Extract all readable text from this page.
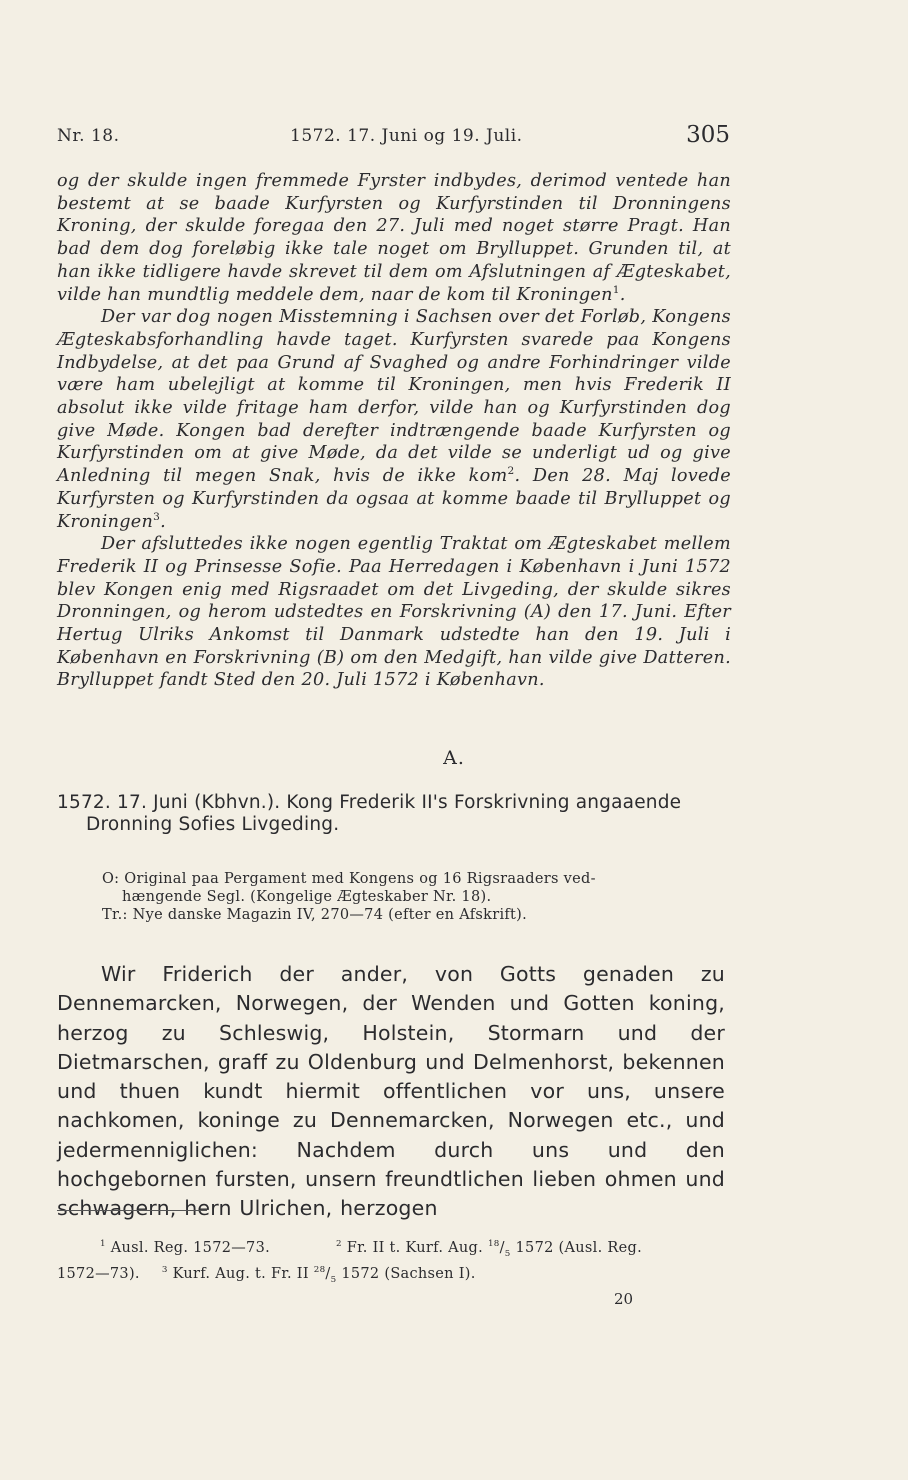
Nr. 18.	1572. 17. Juni og 19. Juli.	305

og der skulde ingen fremmede Fyrster indbydes, derimod ventede han bestemt at se baade Kurfyrsten og Kurfyrstinden til Dronningens Kroning, der skulde foregaa den 27. Juli med noget større Pragt. Han bad dem dog foreløbig ikke tale noget om Brylluppet. Grunden til, at han ikke tidligere havde skrevet til dem om Afslutningen af Ægteskabet, vilde han mundtlig meddele dem, naar de kom til Kroningen$^1$.

Der var dog nogen Misstemning i Sachsen over det Forløb, Kongens Ægteskabsforhandling havde taget. Kurfyrsten svarede paa Kongens Indbydelse, at det paa Grund af Svaghed og andre Forhindringer vilde være ham ubelejligt at komme til Kroningen, men hvis Frederik II absolut ikke vilde fritage ham derfor, vilde han og Kurfyrstinden dog give Møde. Kongen bad derefter indtrængende baade Kurfyrsten og Kurfyrstinden om at give Møde, da det vilde se underligt ud og give Anledning til megen Snak, hvis de ikke kom$^2$. Den 28. Maj lovede Kurfyrsten og Kurfyrstinden da ogsaa at komme baade til Brylluppet og Kroningen$^3$.

Der afsluttedes ikke nogen egentlig Traktat om Ægteskabet mellem Frederik II og Prinsesse Sofie. Paa Herredagen i København i Juni 1572 blev Kongen enig med Rigsraadet om det Livgeding, der skulde sikres Dronningen, og herom udstedtes en Forskrivning (A) den 17. Juni. Efter Hertug Ulriks Ankomst til Danmark udstedte han den 19. Juli i København en Forskrivning (B) om den Medgift, han vilde give Datteren. Brylluppet fandt Sted den 20. Juli 1572 i København.

A.
1572. 17. Juni (Kbhvn.). Kong Frederik II's Forskrivning angaaende
Dronning Sofies Livgeding.
O: Original paa Pergament med Kongens og 16 Rigsraaders ved-
hængende Segl. (Kongelige Ægteskaber Nr. 18).
Tr.: Nye danske Magazin IV, 270—74 (efter en Afskrift).

Wir Friderich der ander, von Gotts genaden zu Dennemarcken, Norwegen, der Wenden und Gotten koning, herzog zu Schleswig, Holstein, Stormarn und der Dietmarschen, graff zu Oldenburg und Delmenhorst, bekennen und thuen kundt hiermit offentlichen vor uns, unsere nachkomen, koninge zu Dennemarcken, Norwegen etc., und jedermenniglichen: Nachdem durch uns und den hochgebornen fursten, unsern freundtlichen lieben ohmen und schwagern, hern Ulrichen, herzogen

$^1$ Ausl. Reg. 1572—73.	$^2$ Fr. II t. Kurf. Aug. $^{18}/_5$ 1572 (Ausl. Reg.
1572—73).	$^3$ Kurf. Aug. t. Fr. II $^{28}/_5$ 1572 (Sachsen I).
20
